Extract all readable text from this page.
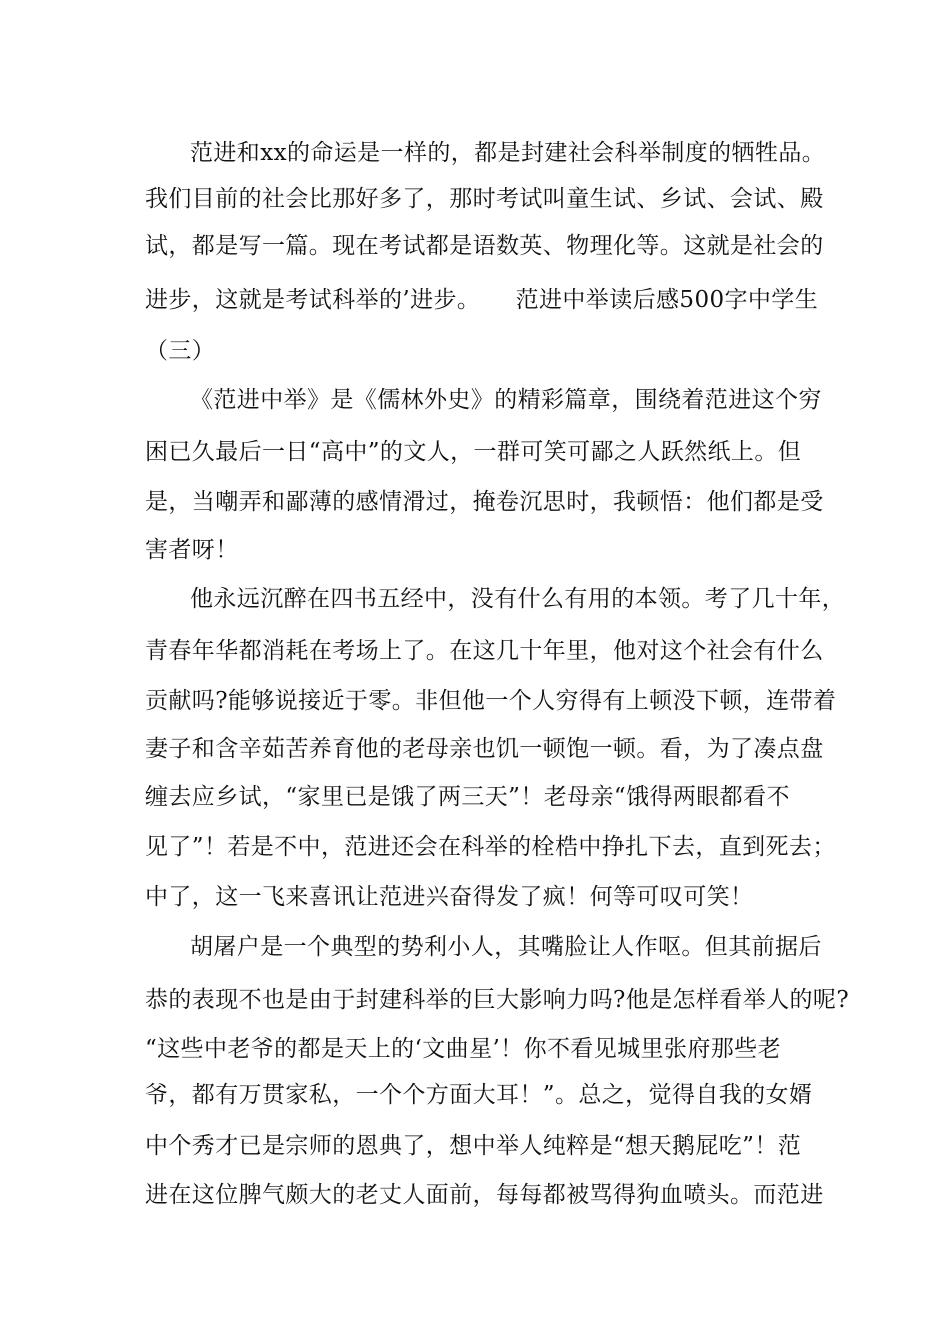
范进和xx的命运是一样的，都是封建社会科举制度的牺牲品。
我们目前的社会比那好多了，那时考试叫童生试、乡试、会试、殿
试，都是写一篇。现在考试都是语数英、物理化等。这就是社会的
进步，这就是考试科举的’进步。　　范进中举读后感500字中学生
（三）
《范进中举》是《儒林外史》的精彩篇章，围绕着范进这个穷
困已久最后一日“高中”的文人，一群可笑可鄙之人跃然纸上。但
是，当嘲弄和鄙薄的感情滑过，掩卷沉思时，我顿悟：他们都是受
害者呀！
他永远沉醉在四书五经中，没有什么有用的本领。考了几十年，
青春年华都消耗在考场上了。在这几十年里，他对这个社会有什么
贡献吗?能够说接近于零。非但他一个人穷得有上顿没下顿，连带着
妻子和含辛茹苦养育他的老母亲也饥一顿饱一顿。看，为了凑点盘
缠去应乡试，“家里已是饿了两三天”！老母亲“饿得两眼都看不
见了”！若是不中，范进还会在科举的栓梏中挣扎下去，直到死去；
中了，这一飞来喜讯让范进兴奋得发了疯！何等可叹可笑！
胡屠户是一个典型的势利小人，其嘴脸让人作呕。但其前据后
恭的表现不也是由于封建科举的巨大影响力吗?他是怎样看举人的呢?
“这些中老爷的都是天上的‘文曲星’！你不看见城里张府那些老
爷，都有万贯家私，一个个方面大耳！”。总之，觉得自我的女婿
中个秀才已是宗师的恩典了，想中举人纯粹是“想天鹅屁吃”！范
进在这位脾气颇大的老丈人面前，每每都被骂得狗血喷头。而范进
